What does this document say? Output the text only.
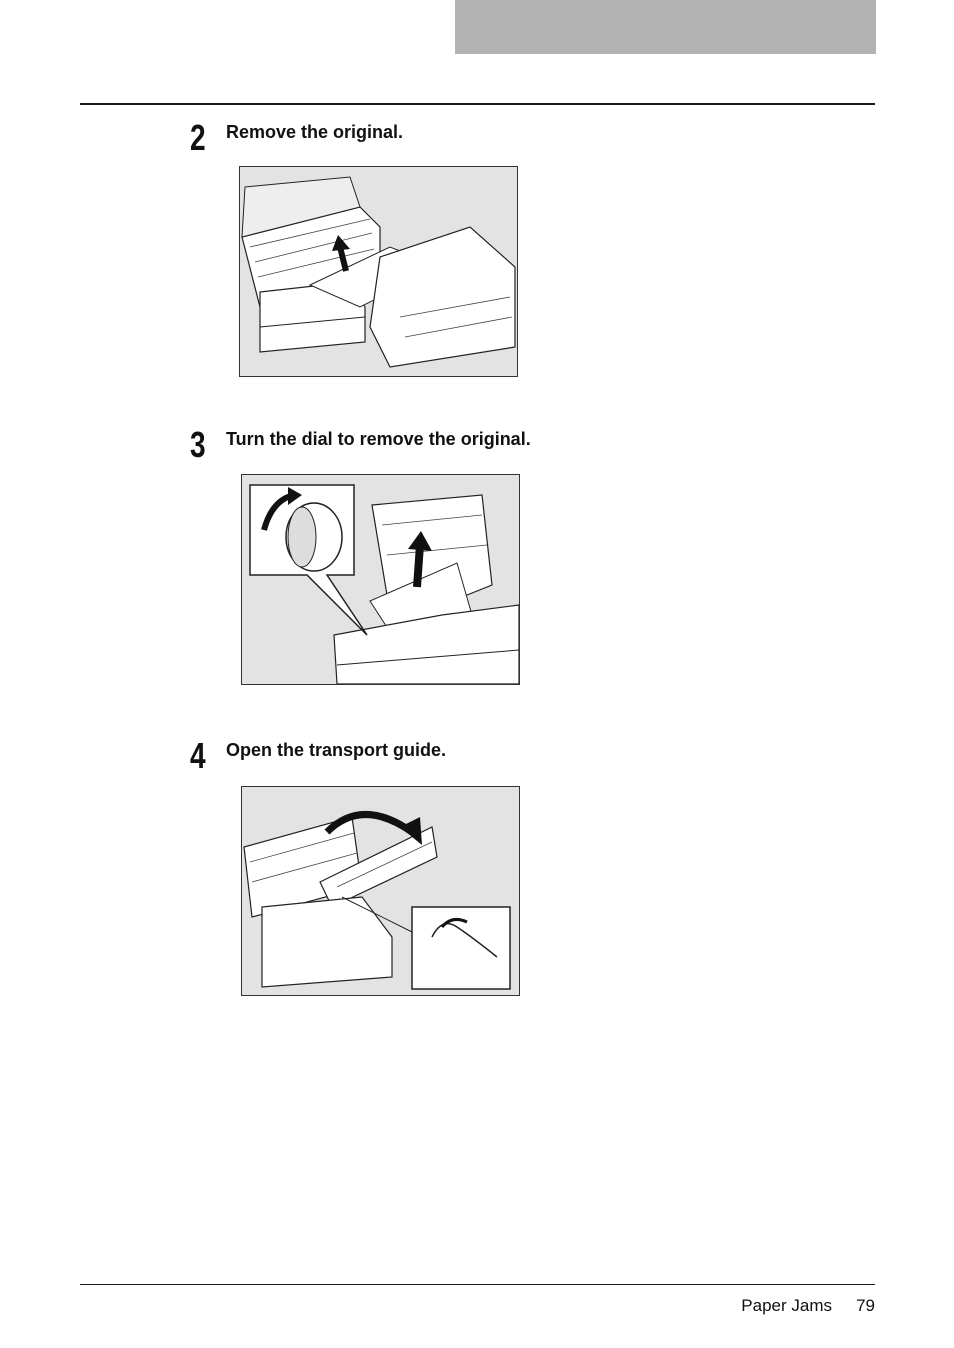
2 Remove the original.
3 Turn the dial to remove the original.
4 Open the transport guide.
Paper Jams 79
